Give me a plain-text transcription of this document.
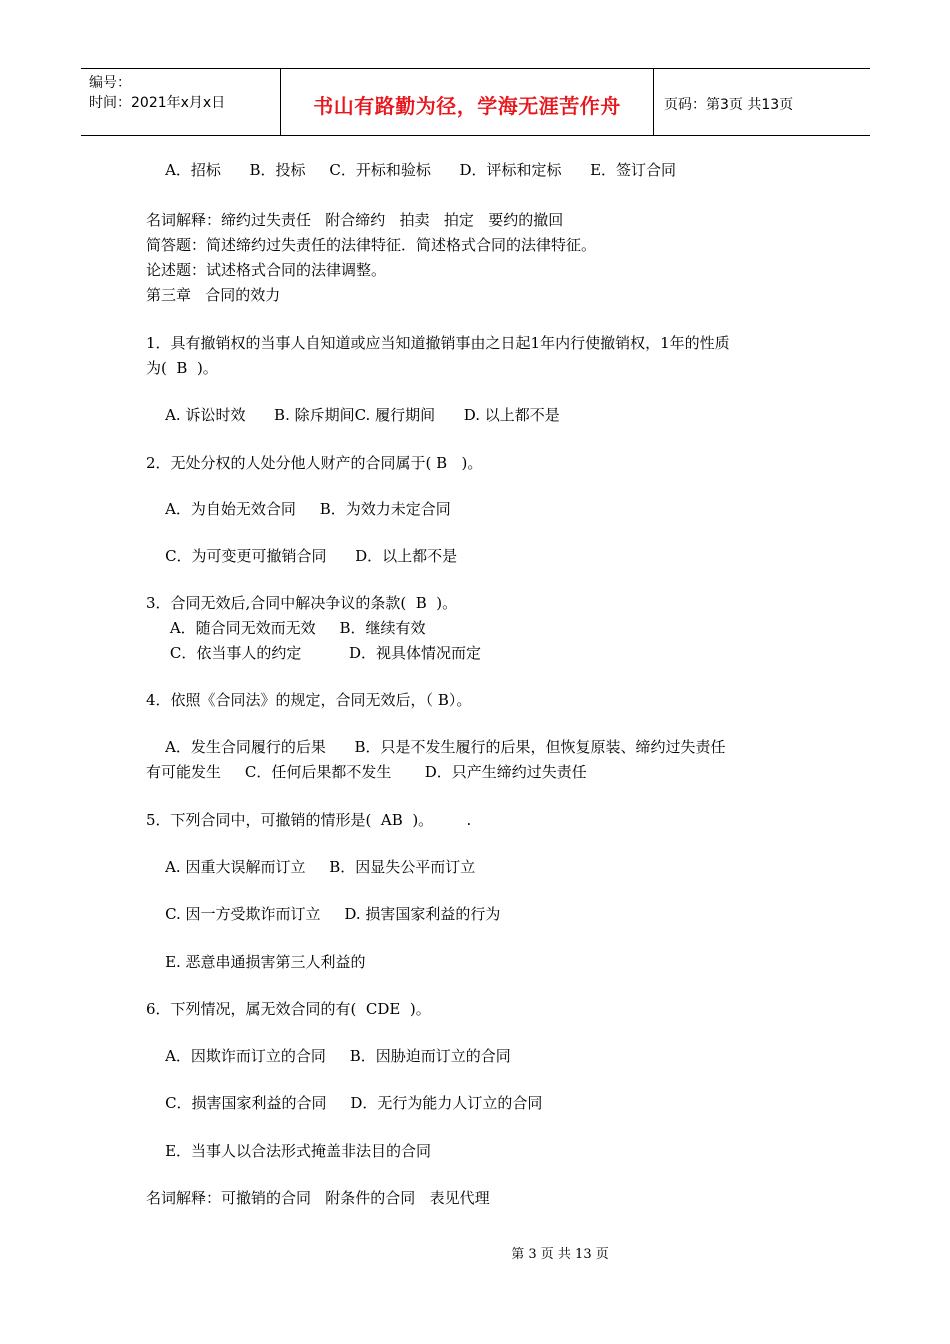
编号：
时间：2021年x月x日	书山有路勤为径，学海无涯苦作舟	页码：第3页 共13页
A．招标      B．投标     C．开标和验标      D．评标和定标      E．签订合同
名词解释：缔约过失责任   附合缔约   拍卖   拍定   要约的撤回
简答题：简述缔约过失责任的法律特征．简述格式合同的法律特征。
论述题：试述格式合同的法律调整。
第三章   合同的效力
1．具有撤销权的当事人自知道或应当知道撤销事由之日起1年内行使撤销权，1年的性质
为(  B  )。
A. 诉讼时效      B. 除斥期间C. 履行期间      D. 以上都不是
2．无处分权的人处分他人财产的合同属于( B   )。
A．为自始无效合同     B．为效力未定合同
C．为可变更可撤销合同      D．以上都不是
3．合同无效后,合同中解决争议的条款(  B  )。
A．随合同无效而无效     B．继续有效
C．依当事人的约定          D．视具体情况而定
4．依照《合同法》的规定，合同无效后，（ B）。
A．发生合同履行的后果      B．只是不发生履行的后果，但恢复原装、缔约过失责任
有可能发生     C．任何后果都不发生       D．只产生缔约过失责任
5．下列合同中，可撤销的情形是(  AB  )。       .
A. 因重大误解而订立     B．因显失公平而订立
C. 因一方受欺诈而订立     D. 损害国家利益的行为
E. 恶意串通损害第三人利益的
6．下列情况，属无效合同的有(  CDE  )。
A．因欺诈而订立的合同     B．因胁迫而订立的合同
C．损害国家利益的合同     D．无行为能力人订立的合同
E．当事人以合法形式掩盖非法目的合同
名词解释：可撤销的合同   附条件的合同   表见代理
第 3 页 共 13 页
